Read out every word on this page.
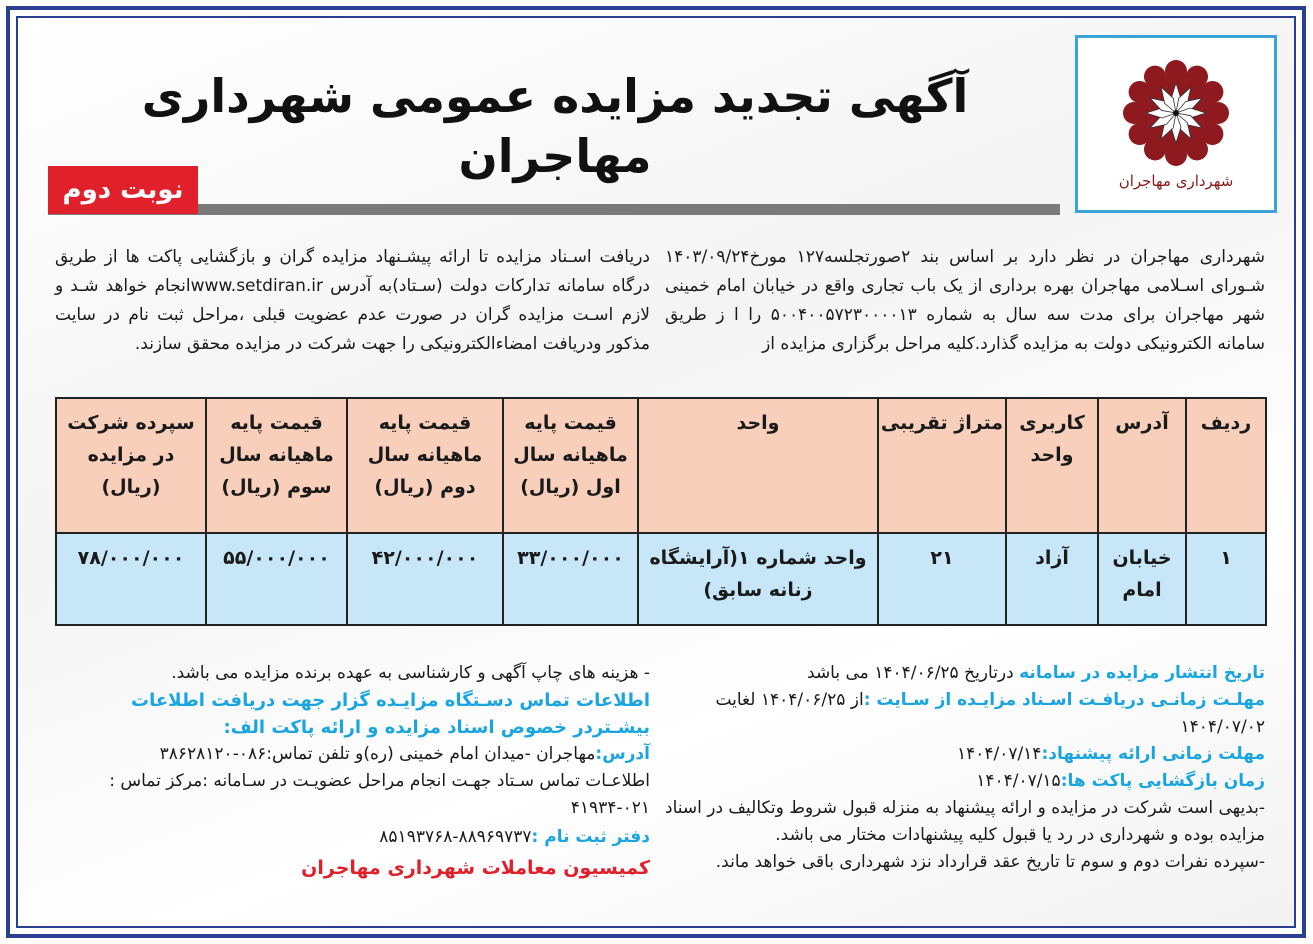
شهرداری مهاجران
آگهی تجدید مزایده عمومی شهرداری مهاجران
نوبت دوم
شهرداری مهاجران در نظر دارد بر اساس بند ۲صورتجلسه۱۲۷ مورخ۱۴۰۳/۰۹/۲۴ شـورای اسـلامی مهاجران بهره برداری از یک باب تجاری واقع در خیابان امام خمینی شهر مهاجران برای مدت سه سال به شماره ۵۰۰۴۰۰۵۷۲۳۰۰۰۰۱۳ را ا ز طریق سامانه الکترونیکی دولت به مزایده گذارد.کلیه مراحل برگزاری مزایده از
دریافت اسـناد مزایده تا ارائه پیشـنهاد مزایده گران و بازگشایی پاکت ها از طریق درگاه سامانه تدارکات دولت (سـتاد)به آدرس www.setdiran.irانجام خواهد شـد و لازم اسـت مزایده گران در صورت عدم عضویت قبلی ،مراحل ثبت نام در سایت مذکور ودریافت امضاءالکترونیکی را جهت شرکت در مزایده محقق سازند.
ردیف	آدرس	کاربری واحد	متراژ تقریبی	واحد	قیمت پایه ماهیانه سال اول (ریال)	قیمت پایه ماهیانه سال دوم (ریال)	قیمت پایه ماهیانه سال سوم (ریال)	سپرده شرکت در مزایده (ریال)
۱	خیابان امام	آزاد	۲۱	واحد شماره ۱(آرایشگاه زنانه سابق)	۳۳/۰۰۰/۰۰۰	۴۲/۰۰۰/۰۰۰	۵۵/۰۰۰/۰۰۰	۷۸/۰۰۰/۰۰۰
تاریخ انتشار مزایده در سامانه درتاریخ ۱۴۰۴/۰۶/۲۵ می باشد
مهلـت زمانـی دریافـت اسـناد مزایـده از سـایت :از ۱۴۰۴/۰۶/۲۵ لغایت ۱۴۰۴/۰۷/۰۲
مهلت زمانی ارائه پیشنهاد:۱۴۰۴/۰۷/۱۴
زمان بازگشایی پاکت ها:۱۴۰۴/۰۷/۱۵
-بدیهی است شرکت در مزایده و ارائه پیشنهاد به منزله قبول شروط وتکالیف در اسناد مزایده بوده و شهرداری در رد یا قبول کلیه پیشنهادات مختار می باشد.
-سپرده نفرات دوم و سوم تا تاریخ عقد قرارداد نزد شهرداری باقی خواهد ماند.
- هزینه های چاپ آگهی و کارشناسی به عهده برنده مزایده می باشد.
اطلاعات تماس دسـتگاه مزایـده گزار جهت دریافت اطلاعات بیشـتردر خصوص اسناد مزایده و ارائه پاکت الف:
آدرس:مهاجران -میدان امام خمینی (ره)و تلفن تماس:۰۸۶-۳۸۶۲۸۱۲۰
اطلاعـات تماس سـتاد جهـت انجام مراحل عضویـت در سـامانه :مرکز تماس : ۰۲۱-۴۱۹۳۴
دفتر ثبت نام :۸۸۹۶۹۷۳۷-۸۵۱۹۳۷۶۸
کمیسیون معاملات شهرداری مهاجران
